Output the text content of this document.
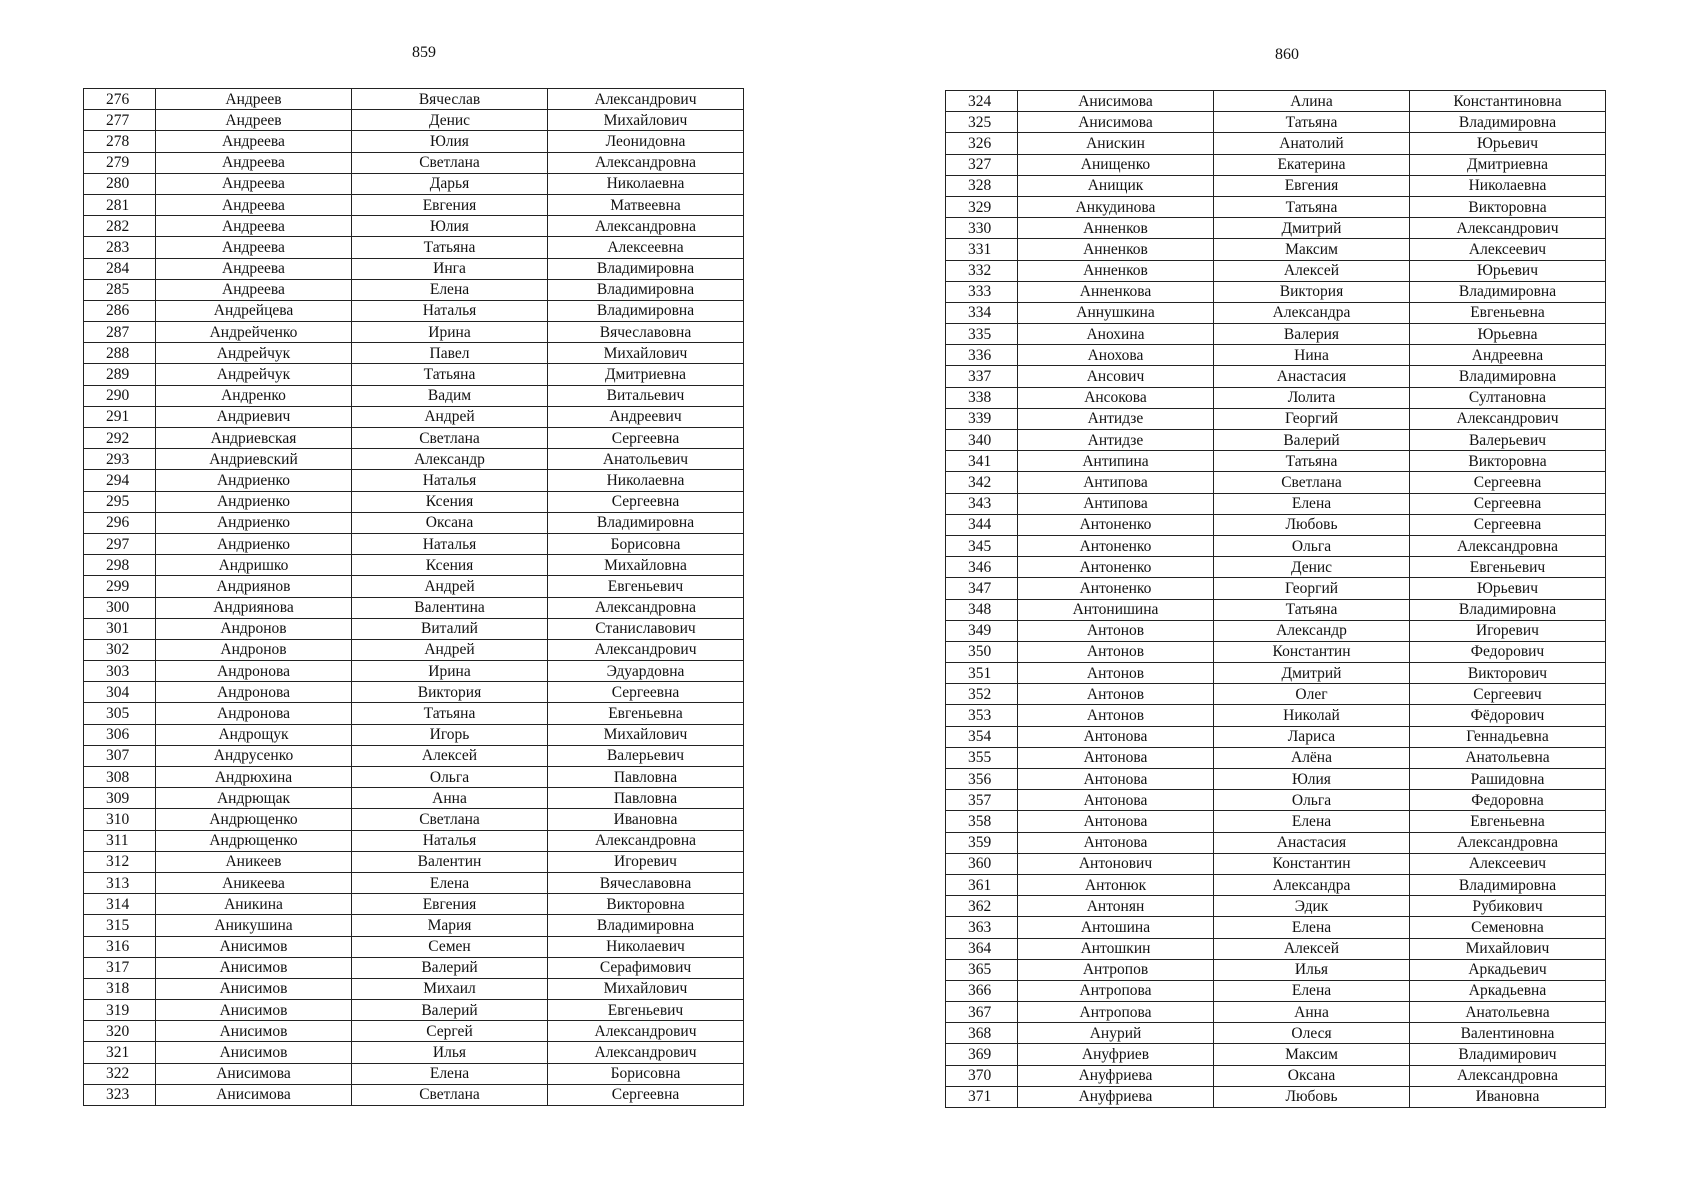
859	860
276	Андреев	Вячеслав	Александрович
277	Андреев	Денис	Михайлович
278	Андреева	Юлия	Леонидовна
279	Андреева	Светлана	Александровна
280	Андреева	Дарья	Николаевна
281	Андреева	Евгения	Матвеевна
282	Андреева	Юлия	Александровна
283	Андреева	Татьяна	Алексеевна
284	Андреева	Инга	Владимировна
285	Андреева	Елена	Владимировна
286	Андрейцева	Наталья	Владимировна
287	Андрейченко	Ирина	Вячеславовна
288	Андрейчук	Павел	Михайлович
289	Андрейчук	Татьяна	Дмитриевна
290	Андренко	Вадим	Витальевич
291	Андриевич	Андрей	Андреевич
292	Андриевская	Светлана	Сергеевна
293	Андриевский	Александр	Анатольевич
294	Андриенко	Наталья	Николаевна
295	Андриенко	Ксения	Сергеевна
296	Андриенко	Оксана	Владимировна
297	Андриенко	Наталья	Борисовна
298	Андришко	Ксения	Михайловна
299	Андриянов	Андрей	Евгеньевич
300	Андриянова	Валентина	Александровна
301	Андронов	Виталий	Станиславович
302	Андронов	Андрей	Александрович
303	Андронова	Ирина	Эдуардовна
304	Андронова	Виктория	Сергеевна
305	Андронова	Татьяна	Евгеньевна
306	Андрощук	Игорь	Михайлович
307	Андрусенко	Алексей	Валерьевич
308	Андрюхина	Ольга	Павловна
309	Андрющак	Анна	Павловна
310	Андрющенко	Светлана	Ивановна
311	Андрющенко	Наталья	Александровна
312	Аникеев	Валентин	Игоревич
313	Аникеева	Елена	Вячеславовна
314	Аникина	Евгения	Викторовна
315	Аникушина	Мария	Владимировна
316	Анисимов	Семен	Николаевич
317	Анисимов	Валерий	Серафимович
318	Анисимов	Михаил	Михайлович
319	Анисимов	Валерий	Евгеньевич
320	Анисимов	Сергей	Александрович
321	Анисимов	Илья	Александрович
322	Анисимова	Елена	Борисовна
323	Анисимова	Светлана	Сергеевна
324	Анисимова	Алина	Константиновна
325	Анисимова	Татьяна	Владимировна
326	Анискин	Анатолий	Юрьевич
327	Анищенко	Екатерина	Дмитриевна
328	Анищик	Евгения	Николаевна
329	Анкудинова	Татьяна	Викторовна
330	Анненков	Дмитрий	Александрович
331	Анненков	Максим	Алексеевич
332	Анненков	Алексей	Юрьевич
333	Анненкова	Виктория	Владимировна
334	Аннушкина	Александра	Евгеньевна
335	Анохина	Валерия	Юрьевна
336	Анохова	Нина	Андреевна
337	Ансович	Анастасия	Владимировна
338	Ансокова	Лолита	Султановна
339	Антидзе	Георгий	Александрович
340	Антидзе	Валерий	Валерьевич
341	Антипина	Татьяна	Викторовна
342	Антипова	Светлана	Сергеевна
343	Антипова	Елена	Сергеевна
344	Антоненко	Любовь	Сергеевна
345	Антоненко	Ольга	Александровна
346	Антоненко	Денис	Евгеньевич
347	Антоненко	Георгий	Юрьевич
348	Антонишина	Татьяна	Владимировна
349	Антонов	Александр	Игоревич
350	Антонов	Константин	Федорович
351	Антонов	Дмитрий	Викторович
352	Антонов	Олег	Сергеевич
353	Антонов	Николай	Фёдорович
354	Антонова	Лариса	Геннадьевна
355	Антонова	Алёна	Анатольевна
356	Антонова	Юлия	Рашидовна
357	Антонова	Ольга	Федоровна
358	Антонова	Елена	Евгеньевна
359	Антонова	Анастасия	Александровна
360	Антонович	Константин	Алексеевич
361	Антонюк	Александра	Владимировна
362	Антонян	Эдик	Рубикович
363	Антошина	Елена	Семеновна
364	Антошкин	Алексей	Михайлович
365	Антропов	Илья	Аркадьевич
366	Антропова	Елена	Аркадьевна
367	Антропова	Анна	Анатольевна
368	Анурий	Олеся	Валентиновна
369	Ануфриев	Максим	Владимирович
370	Ануфриева	Оксана	Александровна
371	Ануфриева	Любовь	Ивановна
